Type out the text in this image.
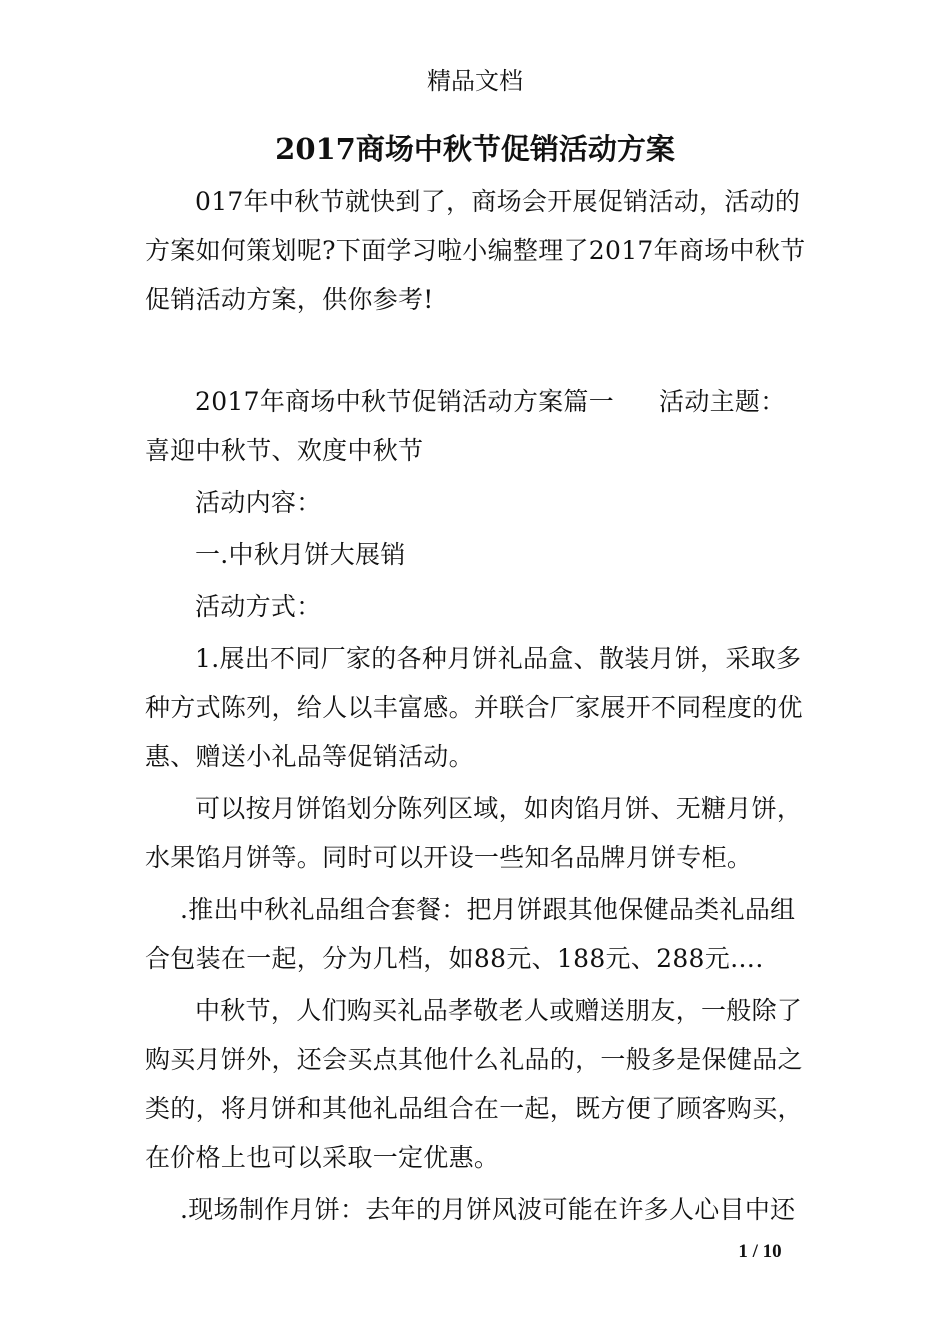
精品文档
2017商场中秋节促销活动方案

017年中秋节就快到了，商场会开展促销活动，活动的方案如何策划呢?下面学习啦小编整理了2017年商场中秋节促销活动方案，供你参考!

2017年商场中秋节促销活动方案篇一 活动主题：喜迎中秋节、欢度中秋节

活动内容：

一.中秋月饼大展销

活动方式：

1.展出不同厂家的各种月饼礼品盒、散装月饼，采取多种方式陈列，给人以丰富感。并联合厂家展开不同程度的优惠、赠送小礼品等促销活动。

可以按月饼馅划分陈列区域，如肉馅月饼、无糖月饼，水果馅月饼等。同时可以开设一些知名品牌月饼专柜。

.推出中秋礼品组合套餐：把月饼跟其他保健品类礼品组合包装在一起，分为几档，如88元、188元、288元….

中秋节，人们购买礼品孝敬老人或赠送朋友，一般除了购买月饼外，还会买点其他什么礼品的，一般多是保健品之类的，将月饼和其他礼品组合在一起，既方便了顾客购买，在价格上也可以采取一定优惠。

.现场制作月饼：去年的月饼风波可能在许多人心目中还

1 / 10
